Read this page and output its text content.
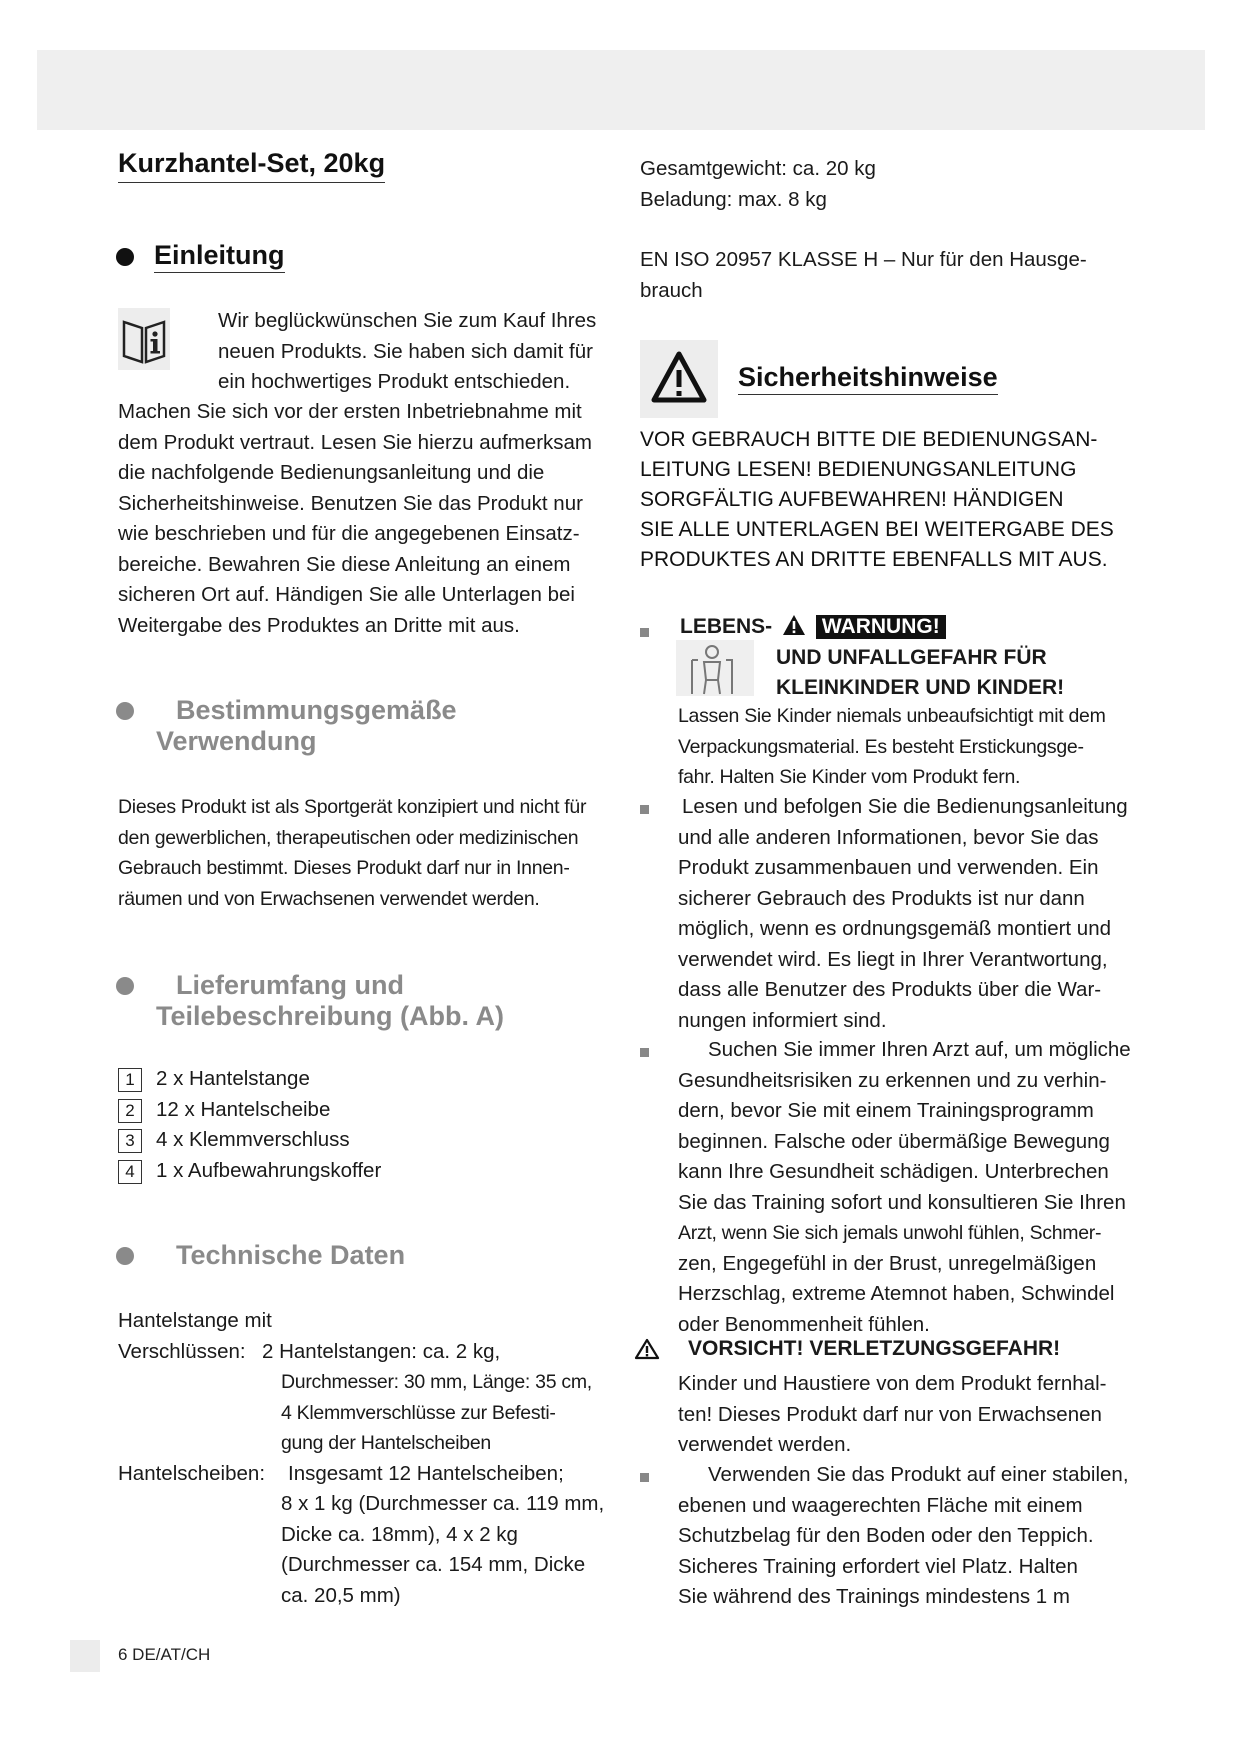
Kurzhantel-Set, 20kg
Einleitung
Wir beglückwünschen Sie zum Kauf Ihres
neuen Produkts. Sie haben sich damit für
ein hochwertiges Produkt entschieden.
Machen Sie sich vor der ersten Inbetriebnahme mit
dem Produkt vertraut. Lesen Sie hierzu aufmerksam
die nachfolgende Bedienungsanleitung und die
Sicherheitshinweise. Benutzen Sie das Produkt nur
wie beschrieben und für die angegebenen Einsatz-
bereiche. Bewahren Sie diese Anleitung an einem
sicheren Ort auf. Händigen Sie alle Unterlagen bei
Weitergabe des Produktes an Dritte mit aus.
Bestimmungsgemäße
Verwendung
Dieses Produkt ist als Sportgerät konzipiert und nicht für
den gewerblichen, therapeutischen oder medizinischen
Gebrauch bestimmt. Dieses Produkt darf nur in Innen-
räumen und von Erwachsenen verwendet werden.
Lieferumfang und
Teilebeschreibung (Abb. A)
1 2 x Hantelstange
2 12 x Hantelscheibe
3 4 x Klemmverschluss
4 1 x Aufbewahrungskoffer
Technische Daten
Hantelstange mit
Verschlüssen: 2 Hantelstangen: ca. 2 kg,
Durchmesser: 30 mm, Länge: 35 cm,
4 Klemmverschlüsse zur Befesti-
gung der Hantelscheiben
Hantelscheiben: Insgesamt 12 Hantelscheiben;
8 x 1 kg (Durchmesser ca. 119 mm,
Dicke ca. 18mm), 4 x 2 kg
(Durchmesser ca. 154 mm, Dicke
ca. 20,5 mm)
Gesamtgewicht: ca. 20 kg
Beladung: max. 8 kg
EN ISO 20957 KLASSE H – Nur für den Hausge-
brauch
Sicherheitshinweise
VOR GEBRAUCH BITTE DIE BEDIENUNGSAN-
LEITUNG LESEN! BEDIENUNGSANLEITUNG
SORGFÄLTIG AUFBEWAHREN! HÄNDIGEN
SIE ALLE UNTERLAGEN BEI WEITERGABE DES
PRODUKTES AN DRITTE EBENFALLS MIT AUS.
LEBENS- WARNUNG!
UND UNFALLGEFAHR FÜR
KLEINKINDER UND KINDER!
Lassen Sie Kinder niemals unbeaufsichtigt mit dem
Verpackungsmaterial. Es besteht Erstickungsge-
fahr. Halten Sie Kinder vom Produkt fern.
Lesen und befolgen Sie die Bedienungsanleitung
und alle anderen Informationen, bevor Sie das
Produkt zusammenbauen und verwenden. Ein
sicherer Gebrauch des Produkts ist nur dann
möglich, wenn es ordnungsgemäß montiert und
verwendet wird. Es liegt in Ihrer Verantwortung,
dass alle Benutzer des Produkts über die War-
nungen informiert sind.
Suchen Sie immer Ihren Arzt auf, um mögliche
Gesundheitsrisiken zu erkennen und zu verhin-
dern, bevor Sie mit einem Trainingsprogramm
beginnen. Falsche oder übermäßige Bewegung
kann Ihre Gesundheit schädigen. Unterbrechen
Sie das Training sofort und konsultieren Sie Ihren
Arzt, wenn Sie sich jemals unwohl fühlen, Schmer-
zen, Engegefühl in der Brust, unregelmäßigen
Herzschlag, extreme Atemnot haben, Schwindel
oder Benommenheit fühlen.
VORSICHT! VERLETZUNGSGEFAHR!
Kinder und Haustiere von dem Produkt fernhal-
ten! Dieses Produkt darf nur von Erwachsenen
verwendet werden.
Verwenden Sie das Produkt auf einer stabilen,
ebenen und waagerechten Fläche mit einem
Schutzbelag für den Boden oder den Teppich.
Sicheres Training erfordert viel Platz. Halten
Sie während des Trainings mindestens 1 m
6 DE/AT/CH
